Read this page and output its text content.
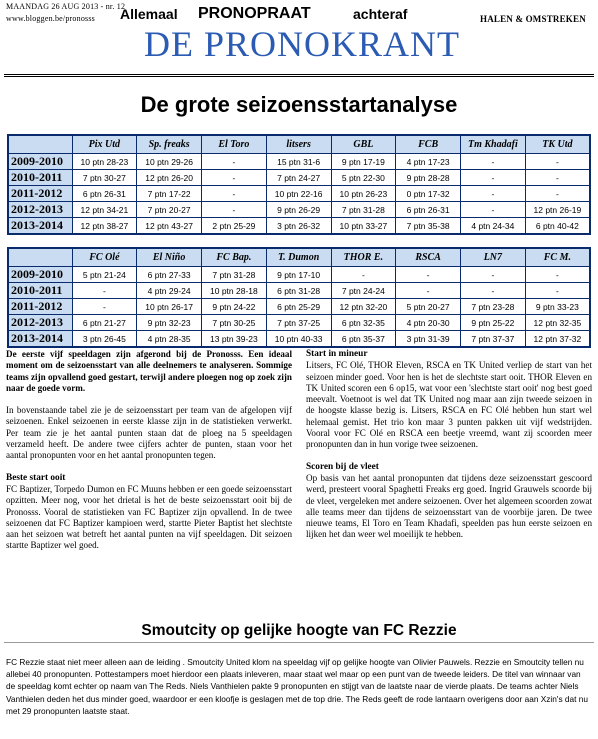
MAANDAG 26 AUG 2013 - nr. 12
www.bloggen.be/pronosss Allemaal PRONOPRAAT	achteraf	HALEN & OMSTREKEN
DE PRONOKRANT
De grote seizoensstartanalyse
	Pix Utd	Sp. freaks	El Toro	litsers	GBL	FCB	Tm Khadafi	TK Utd
2009-2010	10 ptn 28-23	10 ptn 29-26	-	15 ptn 31-6	9 ptn 17-19	4 ptn 17-23	-	-
2010-2011	7 ptn 30-27	12 ptn 26-20	-	7 ptn 24-27	5 ptn 22-30	9 ptn 28-28	-	-
2011-2012	6 ptn 26-31	7 ptn 17-22	-	10 ptn 22-16	10 ptn 26-23	0 ptn 17-32	-	-
2012-2013	12 ptn 34-21	7 ptn 20-27	-	9 ptn 26-29	7 ptn 31-28	6 ptn 26-31	-	12 ptn 26-19
2013-2014	12 ptn 38-27	12 ptn 43-27	2 ptn 25-29	3 ptn 26-32	10 ptn 33-27	7 ptn 35-38	4 ptn 24-34	6 ptn 40-42
	FC Olé	El Niño	FC Bap.	T. Dumon	THOR E.	RSCA	LN7	FC M.
2009-2010	5 ptn 21-24	6 ptn 27-33	7 ptn 31-28	9 ptn 17-10	-	-	-	-
2010-2011	-	4 ptn 29-24	10 ptn 28-18	6 ptn 31-28	7 ptn 24-24	-	-	-
2011-2012	-	10 ptn 26-17	9 ptn 24-22	6 ptn 25-29	12 ptn 32-20	5 ptn 20-27	7 ptn 23-28	9 ptn 33-23
2012-2013	6 ptn 21-27	9 ptn 32-23	7 ptn 30-25	7 ptn 37-25	6 ptn 32-35	4 ptn 20-30	9 ptn 25-22	12 ptn 32-35
2013-2014	3 ptn 26-45	4 ptn 28-35	13 ptn 39-23	10 ptn 40-33	6 ptn 35-37	3 ptn 31-39	7 ptn 37-37	12 ptn 37-32

De eerste vijf speeldagen zijn afgerond bij de Pronosss. Een ideaal moment om de seizoensstart van alle deelnemers te analyseren. Sommige teams zijn opvallend goed gestart, terwijl andere ploegen nog op zoek zijn naar de goede vorm.

In bovenstaande tabel zie je de seizoensstart per team van de afgelopen vijf seizoenen. Enkel seizoenen in eerste klasse zijn in de statistieken verwerkt. Per team zie je het aantal punten staan dat de ploeg na 5 speeldagen verzameld heeft. De andere twee cijfers achter de punten, staan voor het aantal pronopunten voor en het aantal pronopunten tegen.

Beste start ooit

FC Baptizer, Torpedo Dumon en FC Muuns hebben er een goede seizoensstart opzitten. Meer nog, voor het drietal is het de beste seizoensstart ooit bij de Pronosss. Vooral de statistieken van FC Baptizer zijn opvallend. In de twee seizoenen dat FC Baptizer kampioen werd, startte Pieter Baptist het slechtste aan het seizoen wat betreft het aantal punten na vijf speeldagen. Dit seizoen startte Baptizer wel goed.

Start in mineur

Litsers, FC Olé, THOR Eleven, RSCA en TK United verliep de start van het seizoen minder goed. Voor hen is het de slechtste start ooit. THOR Eleven en TK United scoren een 6 op15, wat voor een 'slechtste start ooit' nog best goed meevalt. Voetnoot is wel dat TK United nog maar aan zijn tweede seizoen in de hoogste klasse bezig is. Litsers, RSCA en FC Olé hebben hun start wel helemaal gemist. Het trio kon maar 3 punten pakken uit vijf wedstrijden. Vooral voor FC Olé en RSCA een beetje vreemd, want zij scoorden meer pronopunten dan in hun vorige twee seizoenen.

Scoren bij de vleet

Op basis van het aantal pronopunten dat tijdens deze seizoensstart gescoord werd, presteert vooral Spaghetti Freaks erg goed. Ingrid Grauwels scoorde bij de vleet, vergeleken met andere seizoenen. Over het algemeen scoorden zowat alle teams meer dan tijdens de seizoensstart van de voorbije jaren. De twee nieuwe teams, El Toro en Team Khadafi, speelden pas hun eerste seizoen en lijken het dan weer wel moeilijk te hebben.

Smoutcity op gelijke hoogte van FC Rezzie
FC Rezzie staat niet meer alleen aan de leiding . Smoutcity United klom na speeldag vijf op gelijke hoogte van Olivier Pauwels. Rezzie en Smoutcity tellen nu allebei 40 pronopunten. Pottestampers moet hierdoor een plaats inleveren, maar staat wel maar op een punt van de tweede leiders. De titel van winnaar van de speeldag komt echter op naam van The Reds. Niels Vanthielen pakte 9 pronopunten en stijgt van de laatste naar de vierde plaats. De teams achter Niels Vanthielen deden het dus minder goed, waardoor er een kloofje is geslagen met de top drie. The Reds geeft de rode lantaarn overigens door aan Xzin's dat nu met 29 pronopunten laatste staat.
